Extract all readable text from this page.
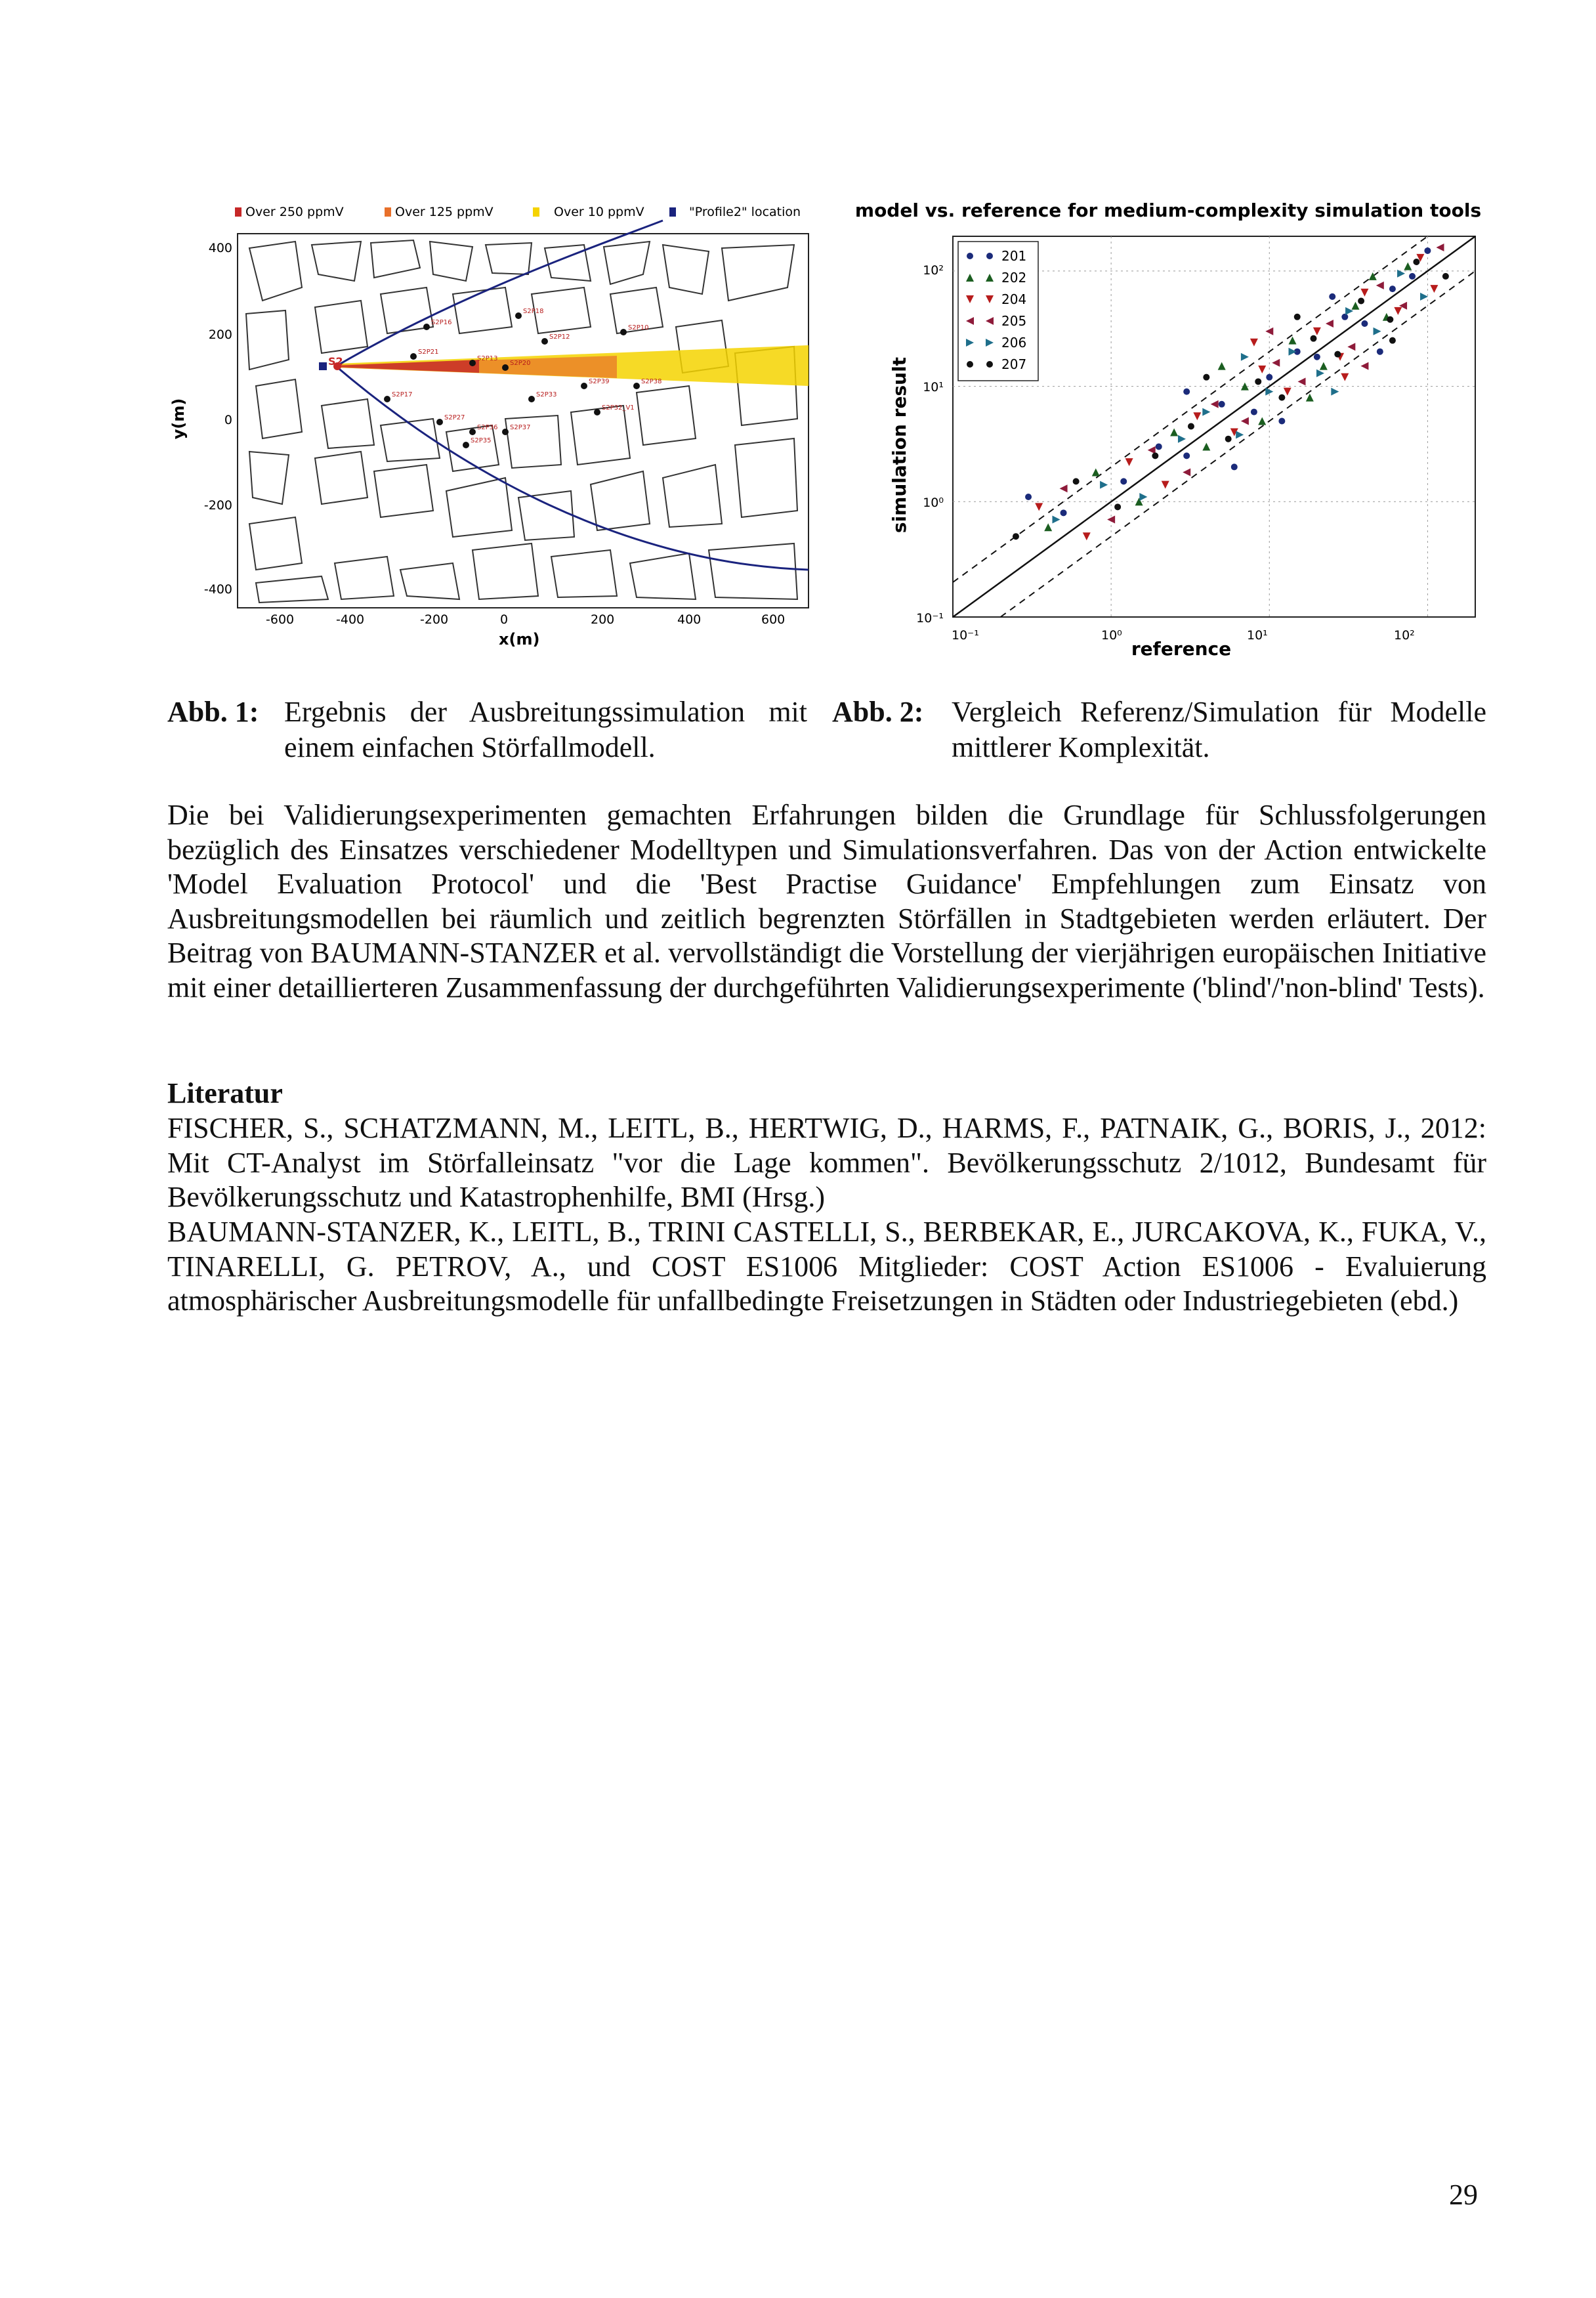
Over 250 ppmV	Over 125 ppmV	Over 10 ppmV	"Profile2" location
S2
S2P18
S2P16
S2P12
S2P10
S2P21
S2P13
S2P20
S2P38
S2P17	S2P33
S2P27
S2P36 S2P37
S2P32_V1
S2P39
S2P35
-600	-400	-200	0	200	400	600
x(m)
400
200
0
-200
-400
y(m)
model vs. reference for medium-complexity simulation tools
10⁻¹	10⁰	10¹	10²
reference
10²
10¹
10⁰
10⁻¹
simulation result
201
202
204
205
206
207
Abb. 1: Ergebnis der Ausbreitungssimulation mit einem einfachen Störfallmodell.
Abb. 2: Vergleich Referenz/Simulation für Modelle mittlerer Komplexität.
Die bei Validierungsexperimenten gemachten Erfahrungen bilden die Grundlage für Schlussfolgerungen bezüglich des Einsatzes verschiedener Modelltypen und Simulationsverfahren. Das von der Action entwickelte 'Model Evaluation Protocol' und die 'Best Practise Guidance' Empfehlungen zum Einsatz von Ausbreitungsmodellen bei räumlich und zeitlich begrenzten Störfällen in Stadtgebieten werden erläutert. Der Beitrag von BAUMANN-STANZER et al. vervollständigt die Vorstellung der vierjährigen europäischen Initiative mit einer detaillierteren Zusammenfassung der durchgeführten Validierungsexperimente ('blind'/'non-blind' Tests).
Literatur
FISCHER, S., SCHATZMANN, M., LEITL, B., HERTWIG, D., HARMS, F., PATNAIK, G., BORIS, J., 2012: Mit CT-Analyst im Störfalleinsatz "vor die Lage kommen". Bevölkerungsschutz 2/1012, Bundesamt für Bevölkerungsschutz und Katastrophenhilfe, BMI (Hrsg.)
BAUMANN-STANZER, K., LEITL, B., TRINI CASTELLI, S., BERBEKAR, E., JURCAKOVA, K., FUKA, V., TINARELLI, G. PETROV, A., und COST ES1006 Mitglieder: COST Action ES1006 - Evaluierung atmosphärischer Ausbreitungsmodelle für unfallbedingte Freisetzungen in Städten oder Industriegebieten (ebd.)
29
